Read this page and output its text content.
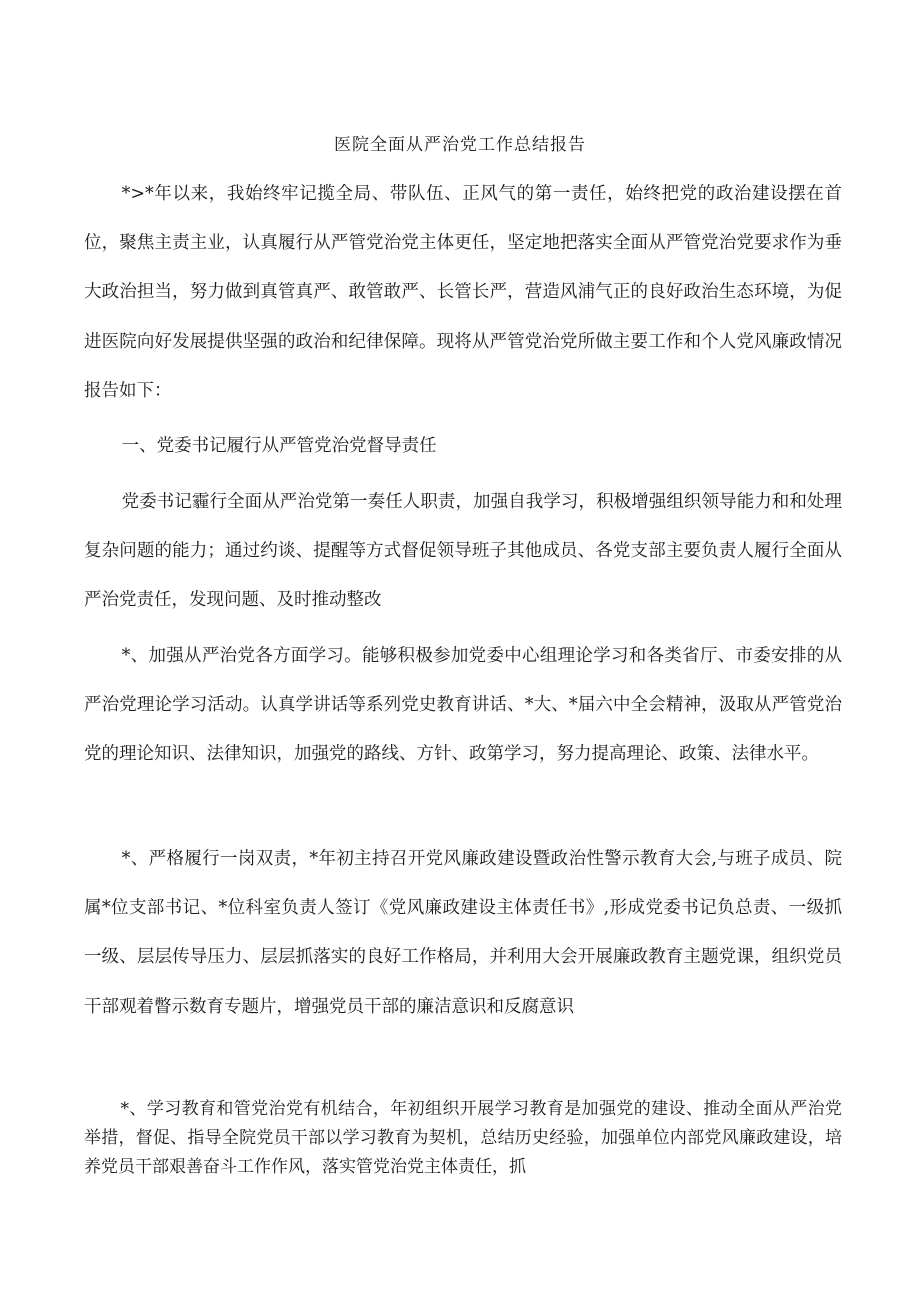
医院全面从严治党工作总结报告
*>*年以来，我始终牢记揽全局、带队伍、正风气的第一责任，始终把党的政治建设摆在首位，聚焦主责主业，认真履行从严管党治党主体更任，坚定地把落实全面从严管党治党要求作为垂大政治担当，努力做到真管真严、敢管敢严、长管长严，营造风浦气正的良好政治生态环境，为促进医院向好发展提供坚强的政治和纪律保障。现将从严管党治党所做主要工作和个人党风廉政情况报告如下：
一、党委书记履行从严管党治党督导责任
党委书记霾行全面从严治党第一奏任人职责，加强自我学习，积极增强组织领导能力和和处理复杂问题的能力；通过约谈、提醒等方式督促领导班子其他成员、各党支部主要负责人履行全面从严治党责任，发现问题、及时推动整改
*、加强从严治党各方面学习。能够积极参加党委中心组理论学习和各类省厅、市委安排的从严治党理论学习活动。认真学讲话等系列党史教育讲话、*大、*届六中全会精神，汲取从严管党治党的理论知识、法律知识，加强党的路线、方针、政第学习，努力提高理论、政策、法律水平。
*、严格履行一岗双责，*年初主持召开党风廉政建设暨政治性警示教育大会,与班子成员、院属*位支部书记、*位科室负责人签订《党风廉政建设主体责任书》,形成党委书记负总责、一级抓一级、层层传导压力、层层抓落实的良好工作格局，并利用大会开展廉政教育主题党课，组织党员干部观着瞥示数育专题片，增强党员干部的廉洁意识和反腐意识
*、学习教育和管党治党有机结合，年初组织开展学习教育是加强党的建设、推动全面从严治党举措，督促、指导全院党员干部以学习教育为契机，总结历史经验，加强单位内部党风廉政建设，培养党员干部艰善奋斗工作作风，落实管党治党主体责任，抓
